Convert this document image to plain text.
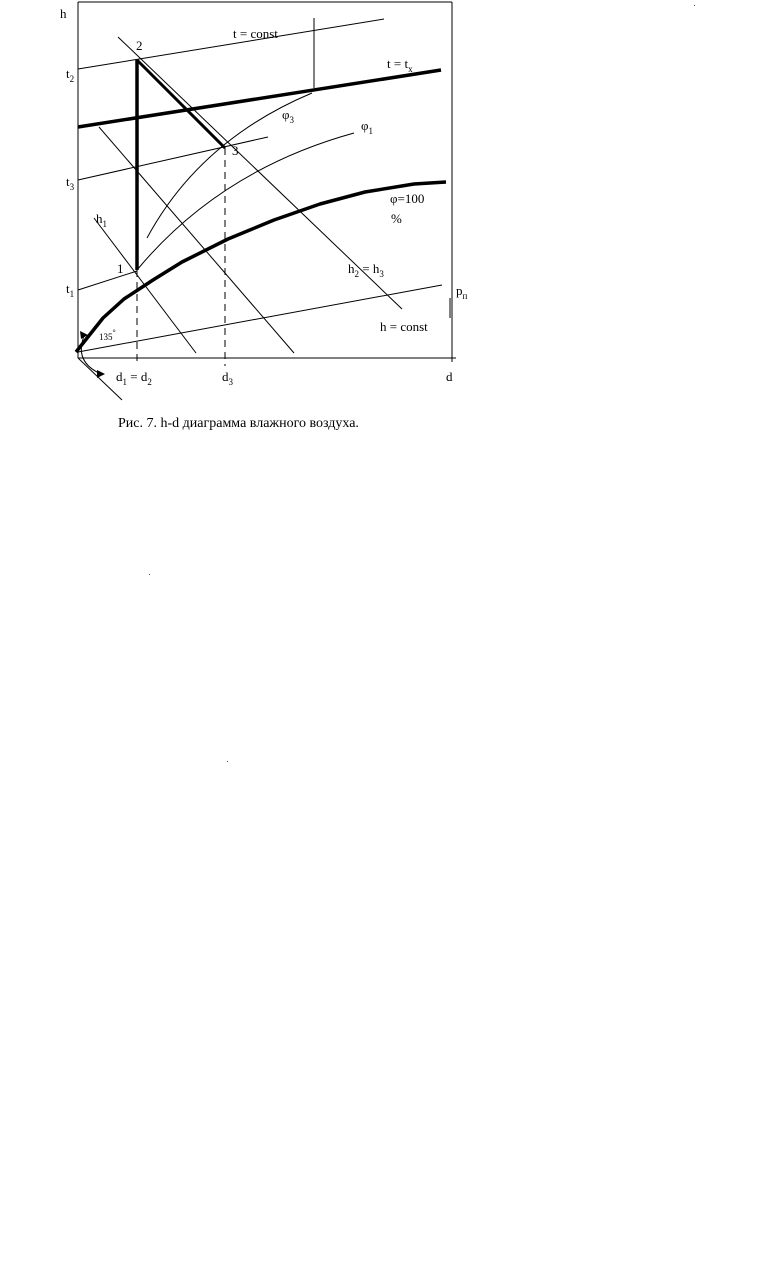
h
d
2
3
1
t = const
$t = t_x$
$\varphi_3$	$\varphi_1$
φ=100
%
$h_1$
$h_2$ $^{= h}_3$
h = const
$p_п$
135°
$t_2$
$t_3$
$t_1$
$d_1$ $^{= d}_2$	$d_3$
Рис. 7. h-d диаграмма влажного воздуха.
